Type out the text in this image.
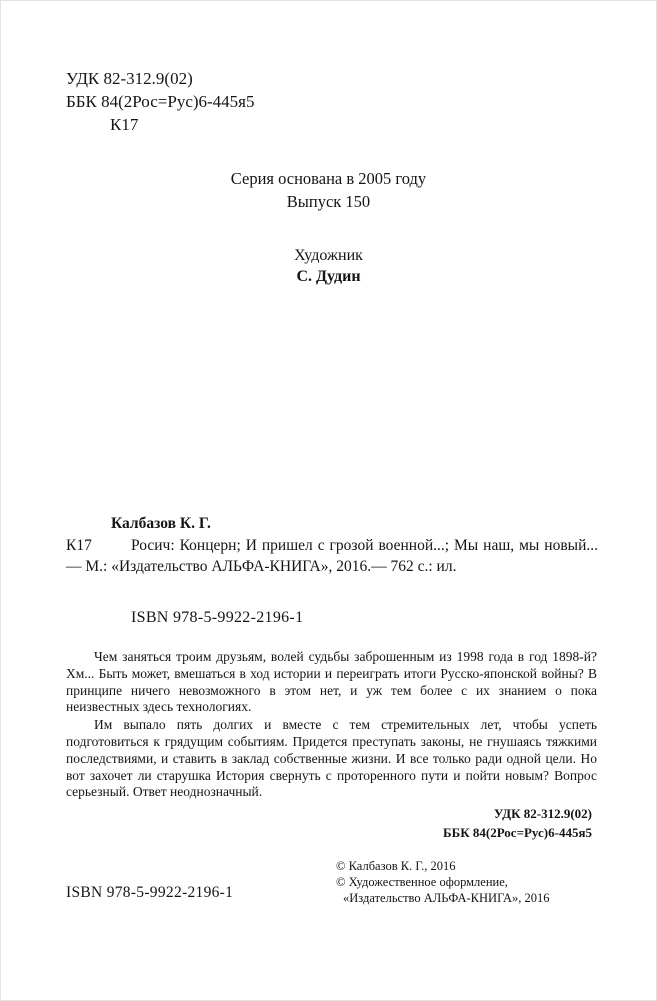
УДК 82-312.9(02)
ББК 84(2Рос=Рус)6-445я5
К17
Серия основана в 2005 году
Выпуск 150
Художник
С. Дудин
Калбазов К. Г.
К17	Росич: Концерн; И пришел с грозой военной...; Мы наш, мы новый... — М.: «Издательство АЛЬФА-КНИГА», 2016.— 762 с.: ил.
ISBN 978-5-9922-2196-1

Чем заняться троим друзьям, волей судьбы заброшенным из 1998 года в год 1898-й? Хм... Быть может, вмешаться в ход истории и переиграть итоги Русско-японской войны? В принципе ничего невозможного в этом нет, и уж тем более с их знанием о пока неизвестных здесь технологиях.

Им выпало пять долгих и вместе с тем стремительных лет, чтобы успеть подготовиться к грядущим событиям. Придется преступать законы, не гнушаясь тяжкими последствиями, и ставить в заклад собственные жизни. И все только ради одной цели. Но вот захочет ли старушка История свернуть с проторенного пути и пойти новым? Вопрос серьезный. Ответ неоднозначный.

УДК 82-312.9(02)
ББК 84(2Рос=Рус)6-445я5
ISBN 978-5-9922-2196-1
© Калбазов К. Г., 2016
© Художественное оформление,
«Издательство АЛЬФА-КНИГА», 2016
